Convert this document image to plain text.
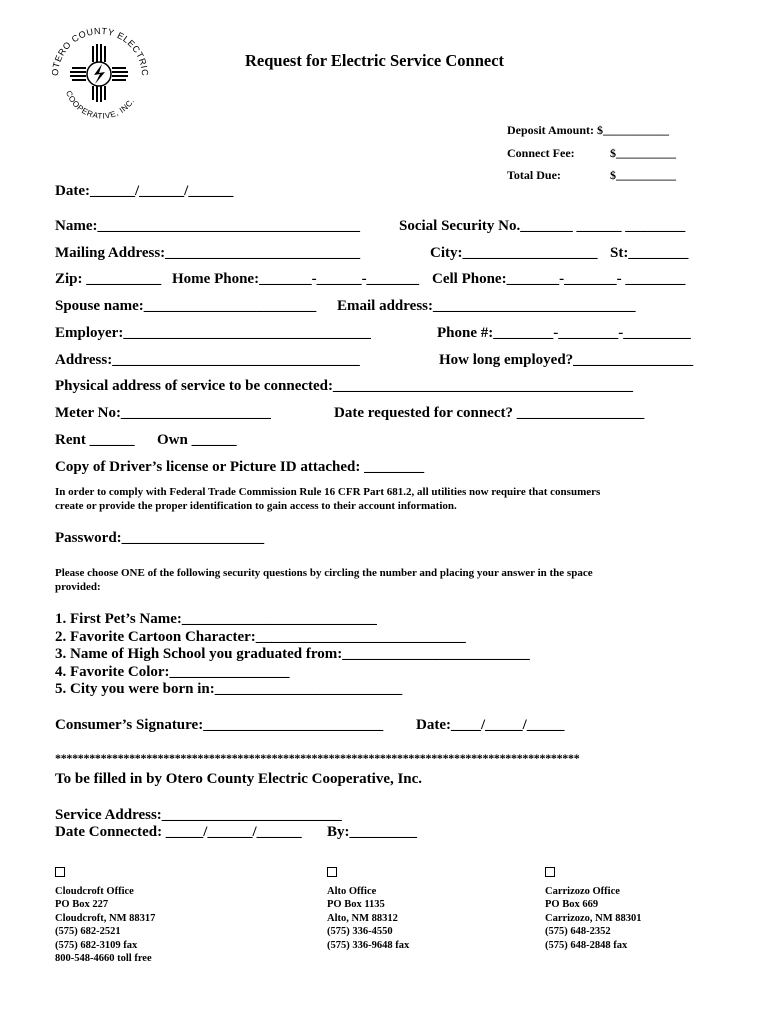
OTERO COUNTY ELECTRIC
COOPERATIVE, INC.
Request for Electric Service Connect
Deposit Amount: $___________
Connect Fee:	$__________
Total Due:	$__________
Date:______/______/______
Name:___________________________________	Social Security No._______ ______ ________
Mailing Address:__________________________	City:__________________ St:________
Zip: __________ Home Phone:_______-______-_______ Cell Phone:_______-_______- ________
Spouse name:_______________________ Email address:___________________________
Employer:_________________________________	Phone #:________-________-_________
Address:_________________________________	How long employed?________________
Physical address of service to be connected:________________________________________
Meter No:____________________	Date requested for connect? _________________
Rent ______ Own ______
Copy of Driver’s license or Picture ID attached: ________
In order to comply with Federal Trade Commission Rule 16 CFR Part 681.2, all utilities now require that consumers
create or provide the proper identification to gain access to their account information.
Password:___________________
Please choose ONE of the following security questions by circling the number and placing your answer in the space
provided:
1. First Pet’s Name:__________________________
2. Favorite Cartoon Character:____________________________
3. Name of High School you graduated from:_________________________
4. Favorite Color:________________
5. City you were born in:_________________________
Consumer’s Signature:________________________ Date:____/_____/_____
********************************************************************************************
To be filled in by Otero County Electric Cooperative, Inc.
Service Address:________________________
Date Connected: _____/______/______ By:_________
Cloudcroft Office
PO Box 227
Cloudcroft, NM 88317
(575) 682-2521
(575) 682-3109 fax
800-548-4660 toll free
Alto Office
PO Box 1135
Alto, NM 88312
(575) 336-4550
(575) 336-9648 fax
Carrizozo Office
PO Box 669
Carrizozo, NM 88301
(575) 648-2352
(575) 648-2848 fax
